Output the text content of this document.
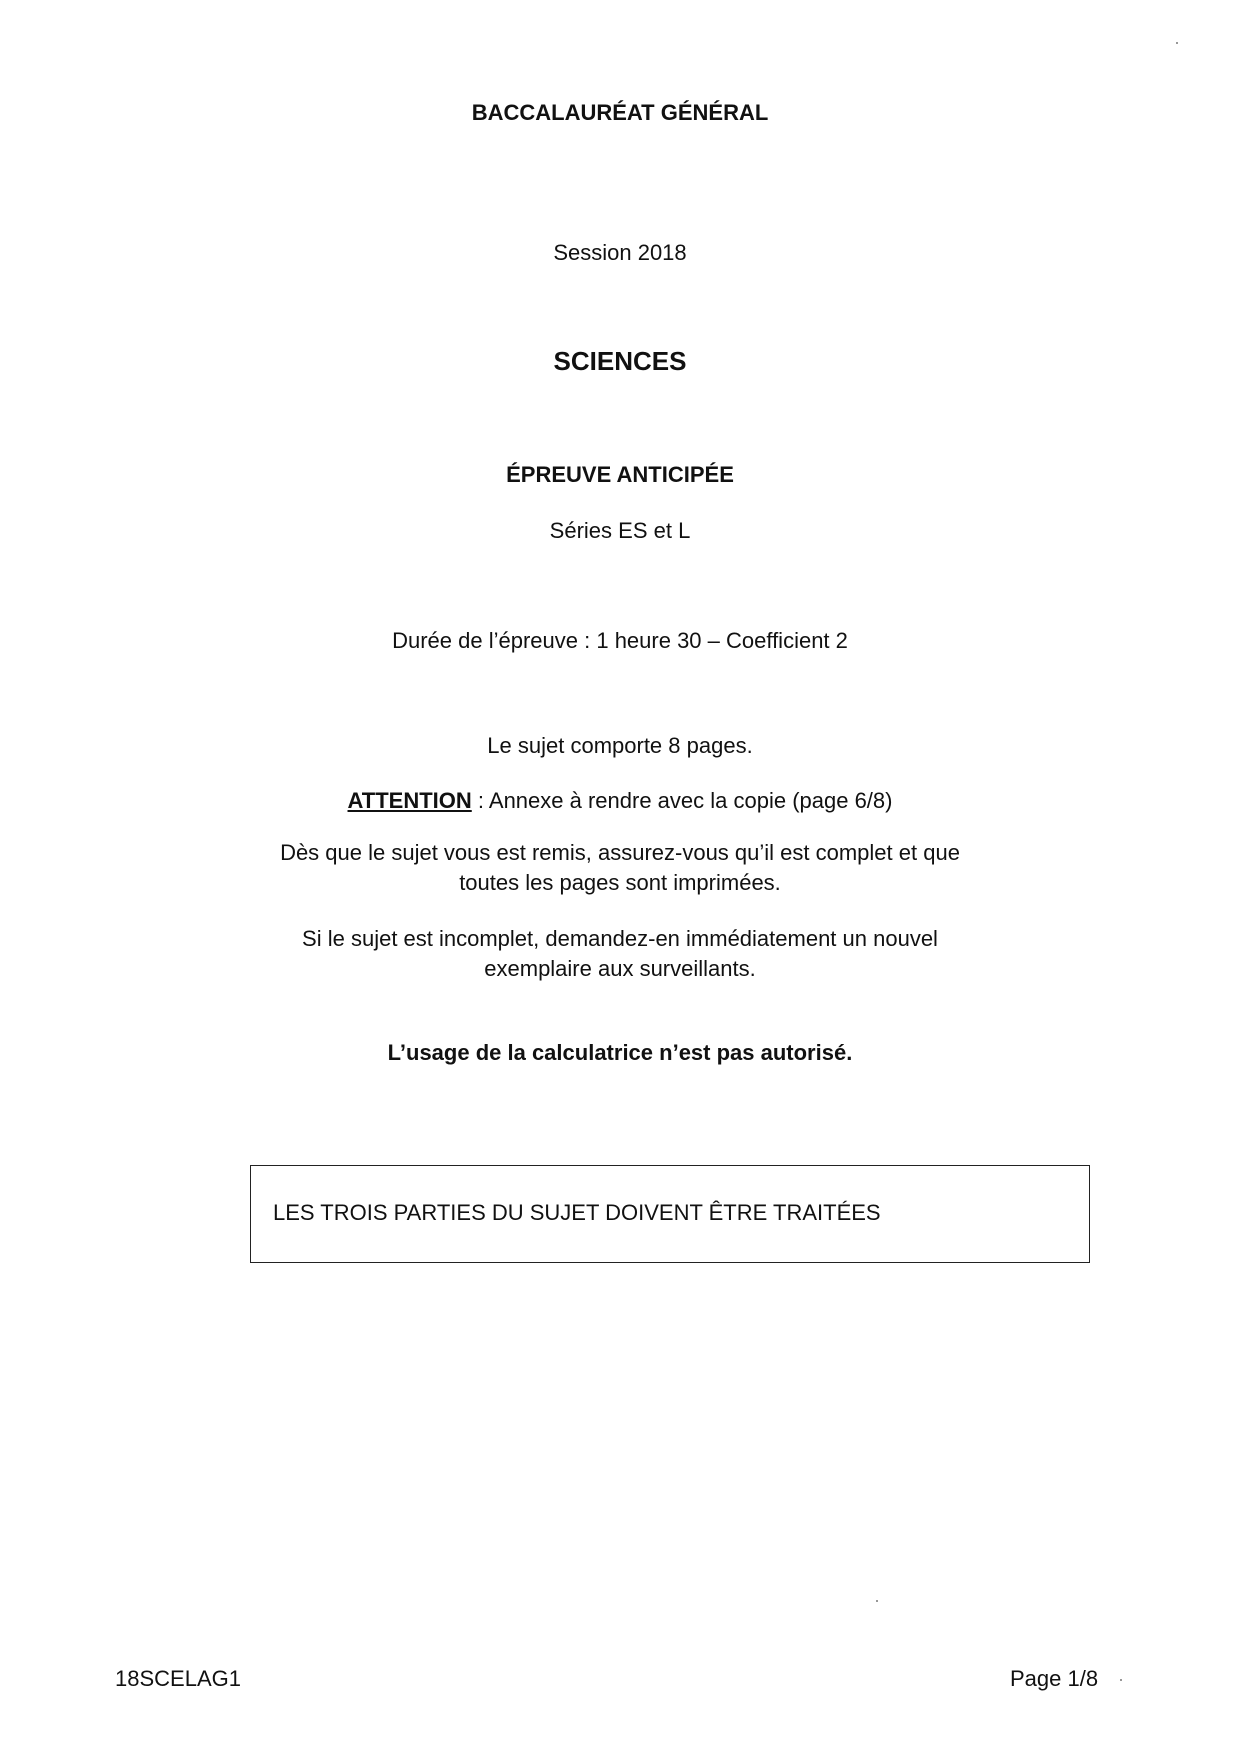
BACCALAURÉAT GÉNÉRAL
Session 2018
SCIENCES
ÉPREUVE ANTICIPÉE
Séries ES et L
Durée de l’épreuve : 1 heure 30 – Coefficient 2
Le sujet comporte 8 pages.
ATTENTION : Annexe à rendre avec la copie (page 6/8)
Dès que le sujet vous est remis, assurez-vous qu’il est complet et que
toutes les pages sont imprimées.
Si le sujet est incomplet, demandez-en immédiatement un nouvel
exemplaire aux surveillants.
L’usage de la calculatrice n’est pas autorisé.
LES TROIS PARTIES DU SUJET DOIVENT ÊTRE TRAITÉES
18SCELAG1	Page 1/8
